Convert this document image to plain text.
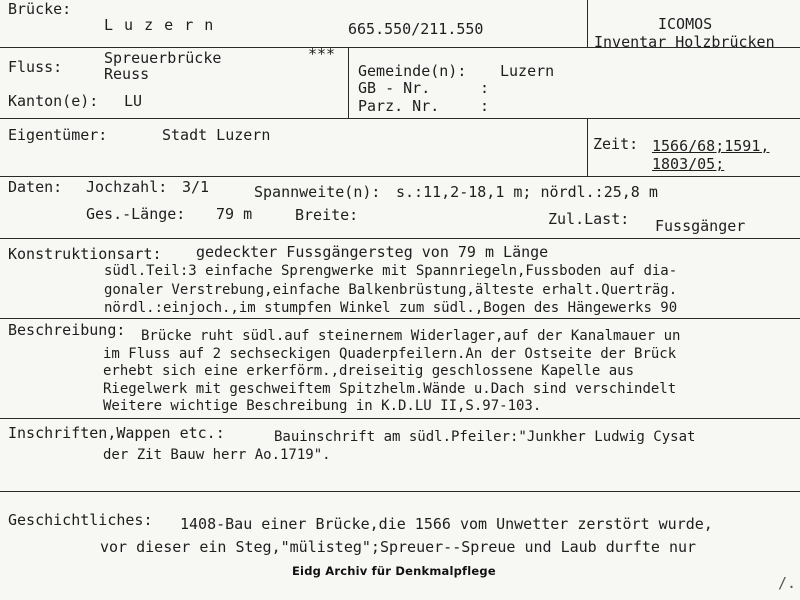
Brücke:
L u z e r n	665.550/211.550	ICOMOS
Inventar Holzbrücken
Fluss:	Spreuerbrücke
Reuss
***
Kanton(e): LU
Gemeinde(n): Luzern
GB - Nr.	:
Parz. Nr.	:
Eigentümer:	Stadt Luzern	Zeit: 1566/68;1591,
1803/05;
Daten: Jochzahl: 3/1	Spannweite(n): s.:11,2-18,1 m; nördl.:25,8 m
Ges.-Länge: 79 m	Breite:	Zul.Last: Fussgänger
Konstruktionsart: gedeckter Fussgängersteg von 79 m Länge
südl.Teil:3 einfache Sprengwerke mit Spannriegeln,Fussboden auf dia-
gonaler Verstrebung,einfache Balkenbrüstung,älteste erhalt.Querträg.
nördl.:einjoch.,im stumpfen Winkel zum südl.,Bogen des Hängewerks 90
Beschreibung: Brücke ruht südl.auf steinernem Widerlager,auf der Kanalmauer un
im Fluss auf 2 sechseckigen Quaderpfeilern.An der Ostseite der Brück
erhebt sich eine erkerförm.,dreiseitig geschlossene Kapelle aus
Riegelwerk mit geschweiftem Spitzhelm.Wände u.Dach sind verschindelt
Weitere wichtige Beschreibung in K.D.LU II,S.97-103.
Inschriften,Wappen etc.:	Bauinschrift am südl.Pfeiler:"Junkher Ludwig Cysat
der Zit Bauw herr Ao.1719".
Geschichtliches: 1408-Bau einer Brücke,die 1566 vom Unwetter zerstört wurde,
vor dieser ein Steg,"mülisteg";Spreuer--Spreue und Laub durfte nur
Eidg Archiv für Denkmalpflege
/.
